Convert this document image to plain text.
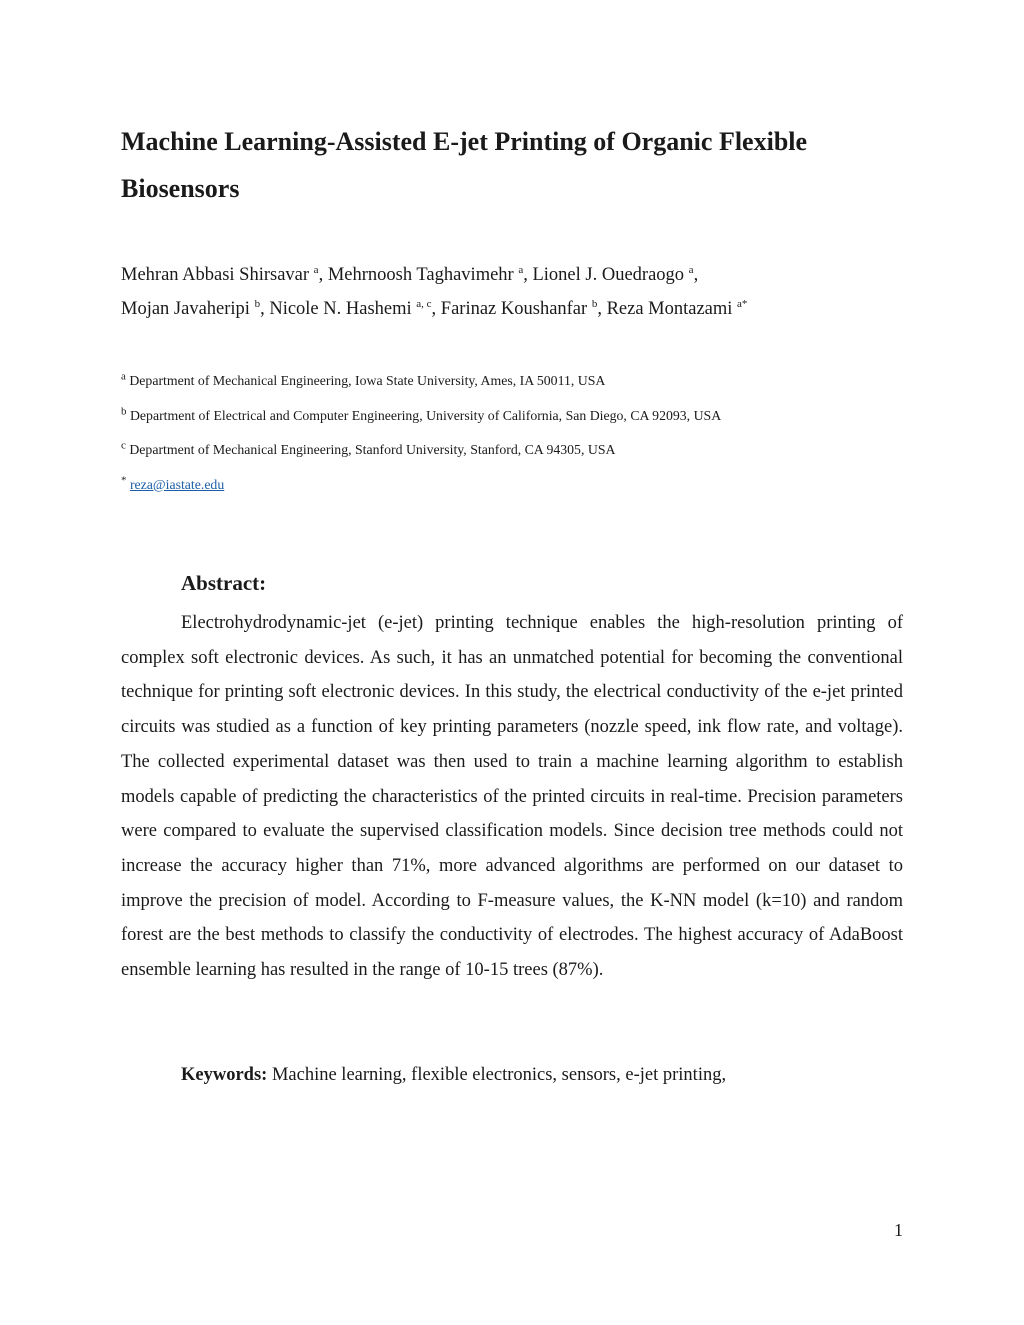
Machine Learning-Assisted E-jet Printing of Organic Flexible Biosensors
Mehran Abbasi Shirsavar $^a$, Mehrnoosh Taghavimehr $^a$, Lionel J. Ouedraogo $^a$,
Mojan Javaheripi $^b$, Nicole N. Hashemi $^{a, c}$, Farinaz Koushanfar $^b$, Reza Montazami $^{a*}$
$^a$ Department of Mechanical Engineering, Iowa State University, Ames, IA 50011, USA
$^b$ Department of Electrical and Computer Engineering, University of California, San Diego, CA 92093, USA
$^c$ Department of Mechanical Engineering, Stanford University, Stanford, CA 94305, USA
* reza@iastate.edu
Abstract:

Electrohydrodynamic-jet (e-jet) printing technique enables the high-resolution printing of complex soft electronic devices. As such, it has an unmatched potential for becoming the conventional technique for printing soft electronic devices. In this study, the electrical conductivity of the e-jet printed circuits was studied as a function of key printing parameters (nozzle speed, ink flow rate, and voltage). The collected experimental dataset was then used to train a machine learning algorithm to establish models capable of predicting the characteristics of the printed circuits in real-time. Precision parameters were compared to evaluate the supervised classification models. Since decision tree methods could not increase the accuracy higher than 71%, more advanced algorithms are performed on our dataset to improve the precision of model. According to F-measure values, the K-NN model (k=10) and random forest are the best methods to classify the conductivity of electrodes. The highest accuracy of AdaBoost ensemble learning has resulted in the range of 10-15 trees (87%).

Keywords: Machine learning, flexible electronics, sensors, e-jet printing,

1
